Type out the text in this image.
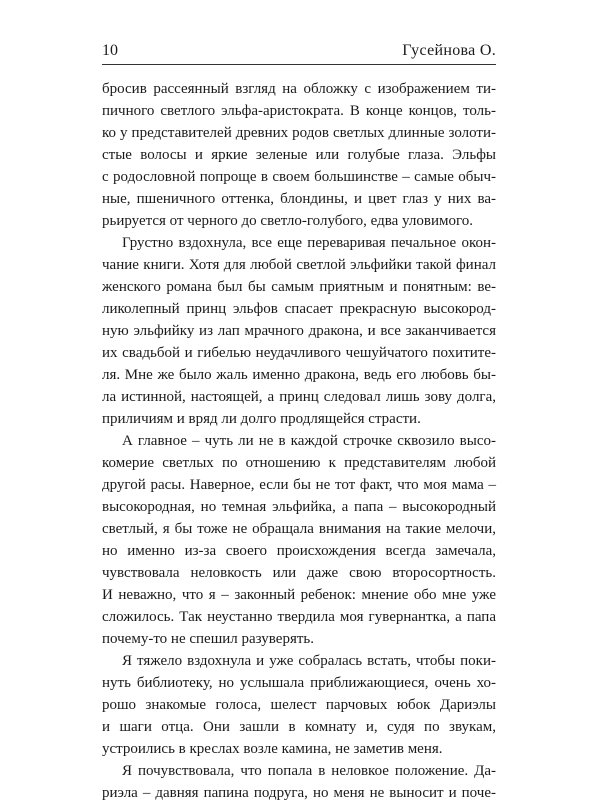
10	Гусейнова О.
бросив рассеянный взгляд на обложку с изображением ти-
пичного светлого эльфа-аристократа. В конце концов, толь-
ко у представителей древних родов светлых длинные золоти-
стые волосы и яркие зеленые или голубые глаза. Эльфы
с родословной попроще в своем большинстве – самые обыч-
ные, пшеничного оттенка, блондины, и цвет глаз у них ва-
рьируется от черного до светло-голубого, едва уловимого.
Грустно вздохнула, все еще переваривая печальное окон-
чание книги. Хотя для любой светлой эльфийки такой финал
женского романа был бы самым приятным и понятным: ве-
ликолепный принц эльфов спасает прекрасную высокород-
ную эльфийку из лап мрачного дракона, и все заканчивается
их свадьбой и гибелью неудачливого чешуйчатого похитите-
ля. Мне же было жаль именно дракона, ведь его любовь бы-
ла истинной, настоящей, а принц следовал лишь зову долга,
приличиям и вряд ли долго продлящейся страсти.
А главное – чуть ли не в каждой строчке сквозило высо-
комерие светлых по отношению к представителям любой
другой расы. Наверное, если бы не тот факт, что моя мама –
высокородная, но темная эльфийка, а папа – высокородный
светлый, я бы тоже не обращала внимания на такие мелочи,
но именно из-за своего происхождения всегда замечала,
чувствовала неловкость или даже свою второсортность.
И неважно, что я – законный ребенок: мнение обо мне уже
сложилось. Так неустанно твердила моя гувернантка, а папа
почему-то не спешил разуверять.
Я тяжело вздохнула и уже собралась встать, чтобы поки-
нуть библиотеку, но услышала приближающиеся, очень хо-
рошо знакомые голоса, шелест парчовых юбок Дариэлы
и шаги отца. Они зашли в комнату и, судя по звукам,
устроились в креслах возле камина, не заметив меня.
Я почувствовала, что попала в неловкое положение. Да-
риэла – давняя папина подруга, но меня не выносит и поче-
